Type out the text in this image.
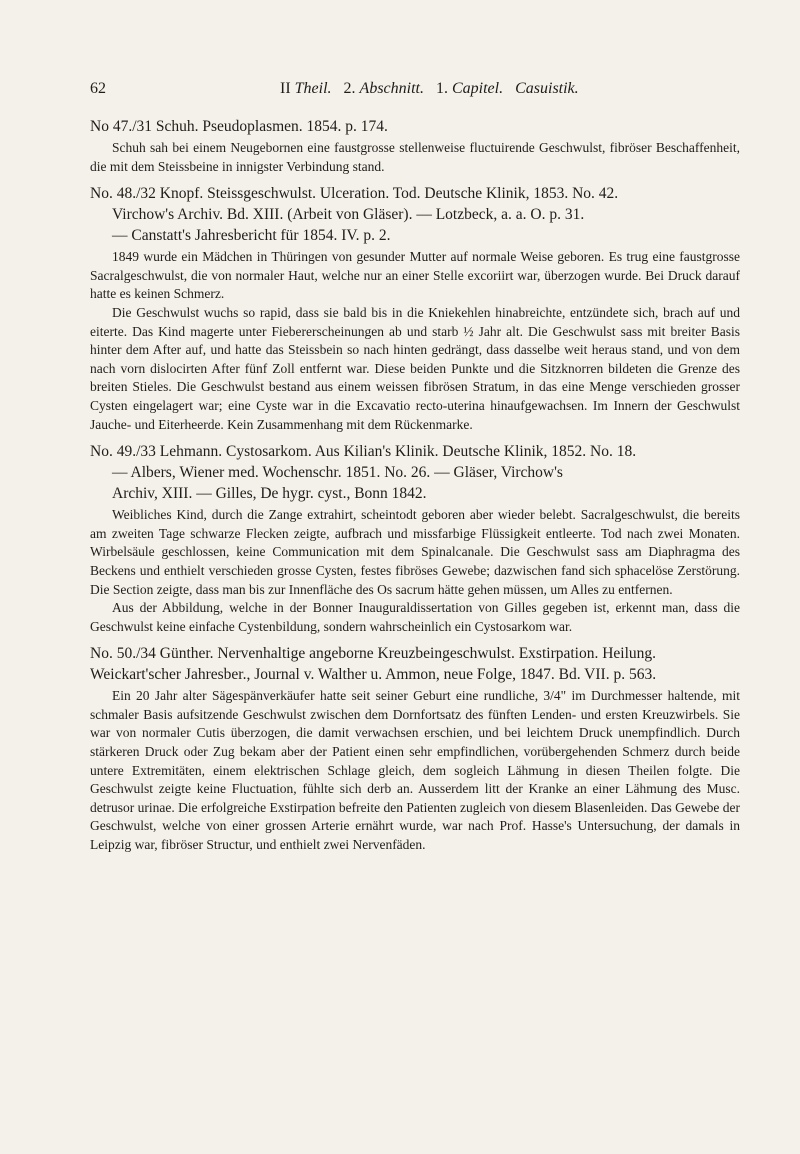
62	II Theil. 2. Abschnitt. 1. Capitel. Casuistik.

No 47./31 Schuh. Pseudoplasmen. 1854. p. 174.

Schuh sah bei einem Neugebornen eine faustgrosse stellenweise fluctuirende Geschwulst, fibröser Beschaffenheit, die mit dem Steissbeine in innigster Verbindung stand.

No. 48./32 Knopf. Steissgeschwulst. Ulceration. Tod. Deutsche Klinik, 1853. No. 42.

Virchow's Archiv. Bd. XIII. (Arbeit von Gläser). — Lotzbeck, a. a. O. p. 31.

— Canstatt's Jahresbericht für 1854. IV. p. 2.

1849 wurde ein Mädchen in Thüringen von gesunder Mutter auf normale Weise geboren. Es trug eine faustgrosse Sacralgeschwulst, die von normaler Haut, welche nur an einer Stelle excoriirt war, überzogen wurde. Bei Druck darauf hatte es keinen Schmerz.

Die Geschwulst wuchs so rapid, dass sie bald bis in die Kniekehlen hinabreichte, entzündete sich, brach auf und eiterte. Das Kind magerte unter Fiebererscheinungen ab und starb ½ Jahr alt. Die Geschwulst sass mit breiter Basis hinter dem After auf, und hatte das Steissbein so nach hinten gedrängt, dass dasselbe weit heraus stand, und von dem nach vorn dislocirten After fünf Zoll entfernt war. Diese beiden Punkte und die Sitzknorren bildeten die Grenze des breiten Stieles. Die Geschwulst bestand aus einem weissen fibrösen Stratum, in das eine Menge verschieden grosser Cysten eingelagert war; eine Cyste war in die Excavatio recto-uterina hinaufgewachsen. Im Innern der Geschwulst Jauche- und Eiterheerde. Kein Zusammenhang mit dem Rückenmarke.

No. 49./33 Lehmann. Cystosarkom. Aus Kilian's Klinik. Deutsche Klinik, 1852. No. 18.

— Albers, Wiener med. Wochenschr. 1851. No. 26. — Gläser, Virchow's

Archiv, XIII. — Gilles, De hygr. cyst., Bonn 1842.

Weibliches Kind, durch die Zange extrahirt, scheintodt geboren aber wieder belebt. Sacralgeschwulst, die bereits am zweiten Tage schwarze Flecken zeigte, aufbrach und missfarbige Flüssigkeit entleerte. Tod nach zwei Monaten. Wirbelsäule geschlossen, keine Communication mit dem Spinalcanale. Die Geschwulst sass am Diaphragma des Beckens und enthielt verschieden grosse Cysten, festes fibröses Gewebe; dazwischen fand sich sphacelöse Zerstörung. Die Section zeigte, dass man bis zur Innenfläche des Os sacrum hätte gehen müssen, um Alles zu entfernen.

Aus der Abbildung, welche in der Bonner Inauguraldissertation von Gilles gegeben ist, erkennt man, dass die Geschwulst keine einfache Cystenbildung, sondern wahrscheinlich ein Cystosarkom war.

No. 50./34 Günther. Nervenhaltige angeborne Kreuzbeingeschwulst. Exstirpation. Heilung. Weickart'scher Jahresber., Journal v. Walther u. Ammon, neue Folge, 1847. Bd. VII. p. 563.

Ein 20 Jahr alter Sägespänverkäufer hatte seit seiner Geburt eine rundliche, 3/4" im Durchmesser haltende, mit schmaler Basis aufsitzende Geschwulst zwischen dem Dornfortsatz des fünften Lenden- und ersten Kreuzwirbels. Sie war von normaler Cutis überzogen, die damit verwachsen erschien, und bei leichtem Druck unempfindlich. Durch stärkeren Druck oder Zug bekam aber der Patient einen sehr empfindlichen, vorübergehenden Schmerz durch beide untere Extremitäten, einem elektrischen Schlage gleich, dem sogleich Lähmung in diesen Theilen folgte. Die Geschwulst zeigte keine Fluctuation, fühlte sich derb an. Ausserdem litt der Kranke an einer Lähmung des Musc. detrusor urinae. Die erfolgreiche Exstirpation befreite den Patienten zugleich von diesem Blasenleiden. Das Gewebe der Geschwulst, welche von einer grossen Arterie ernährt wurde, war nach Prof. Hasse's Untersuchung, der damals in Leipzig war, fibröser Structur, und enthielt zwei Nervenfäden.
